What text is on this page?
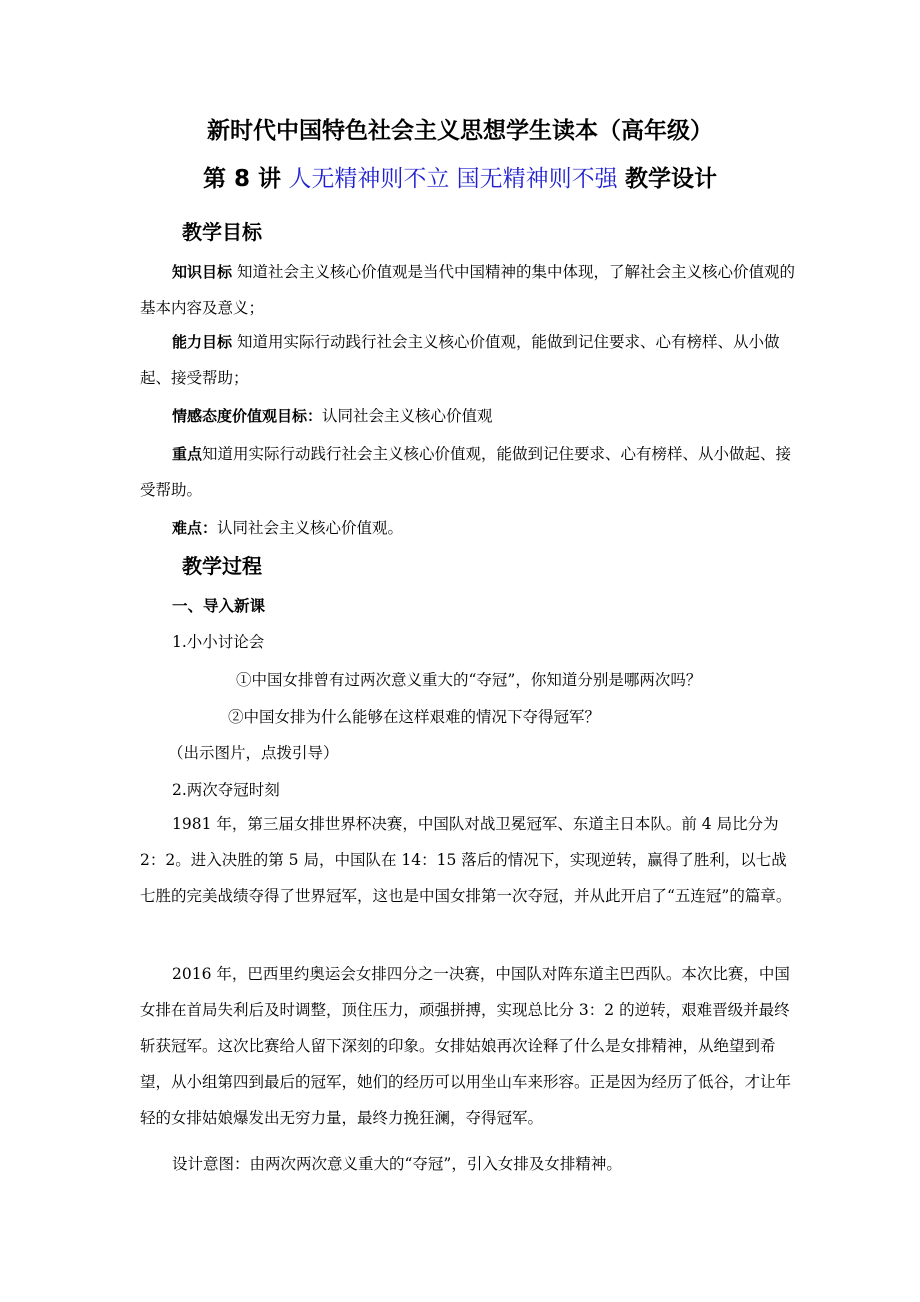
新时代中国特色社会主义思想学生读本（高年级）
第 8 讲 人无精神则不立 国无精神则不强 教学设计
教学目标
知识目标 知道社会主义核心价值观是当代中国精神的集中体现，了解社会主义核心价值观的基本内容及意义；
能力目标 知道用实际行动践行社会主义核心价值观，能做到记住要求、心有榜样、从小做起、接受帮助；
情感态度价值观目标：认同社会主义核心价值观
重点知道用实际行动践行社会主义核心价值观，能做到记住要求、心有榜样、从小做起、接受帮助。
难点：认同社会主义核心价值观。
教学过程
一、导入新课
1.小小讨论会
①中国女排曾有过两次意义重大的“夺冠”，你知道分别是哪两次吗？
②中国女排为什么能够在这样艰难的情况下夺得冠军？
（出示图片，点拨引导）
2.两次夺冠时刻
1981 年，第三届女排世界杯决赛，中国队对战卫冕冠军、东道主日本队。前 4 局比分为 2：2。进入决胜的第 5 局，中国队在 14：15 落后的情况下，实现逆转，赢得了胜利，以七战七胜的完美战绩夺得了世界冠军，这也是中国女排第一次夺冠，并从此开启了“五连冠”的篇章。
2016 年，巴西里约奥运会女排四分之一决赛，中国队对阵东道主巴西队。本次比赛，中国女排在首局失利后及时调整，顶住压力，顽强拼搏，实现总比分 3：2 的逆转，艰难晋级并最终斩获冠军。这次比赛给人留下深刻的印象。女排姑娘再次诠释了什么是女排精神，从绝望到希望，从小组第四到最后的冠军，她们的经历可以用坐山车来形容。正是因为经历了低谷，才让年轻的女排姑娘爆发出无穷力量，最终力挽狂澜，夺得冠军。
设计意图：由两次两次意义重大的“夺冠”，引入女排及女排精神。
